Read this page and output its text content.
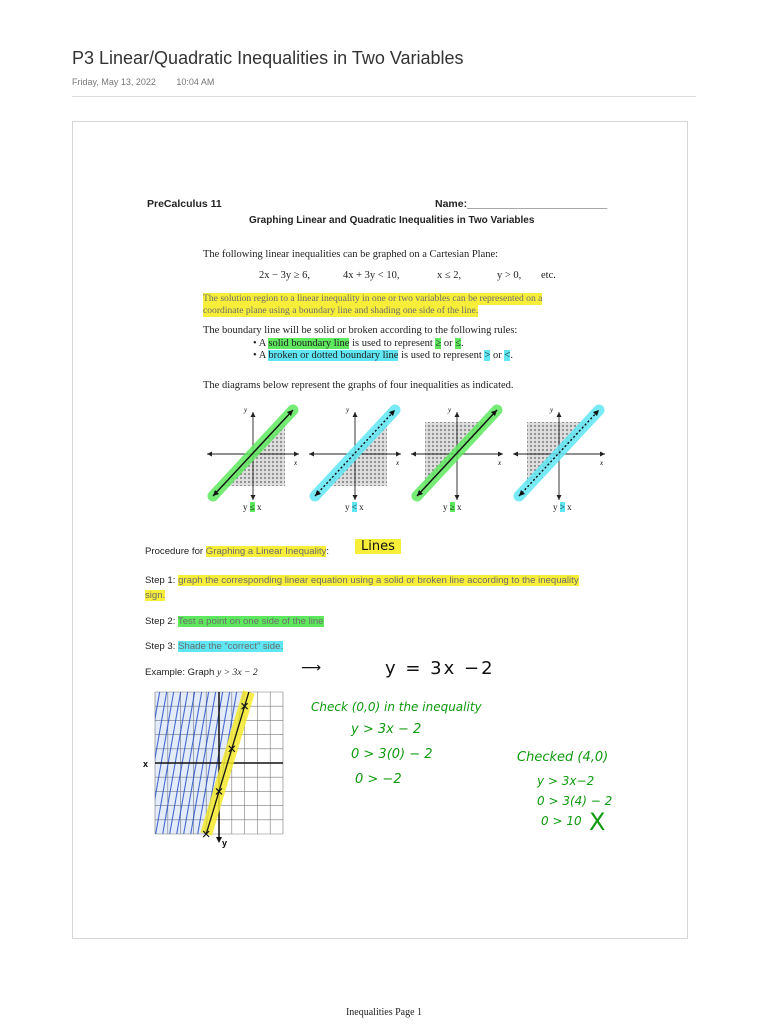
P3 Linear/Quadratic Inequalities in Two Variables
Friday, May 13, 2022 10:04 AM
PreCalculus 11	Name:________________________
Graphing Linear and Quadratic Inequalities in Two Variables
The following linear inequalities can be graphed on a Cartesian Plane:
2x − 3y ≥ 6,	4x + 3y < 10,	x ≤ 2,	y > 0, etc.
The solution region to a linear inequality in one or two variables can be represented on a
coordinate plane using a boundary line and shading one side of the line.
The boundary line will be solid or broken according to the following rules:
• A solid boundary line is used to represent ≥ or ≤.
• A broken or dotted boundary line is used to represent > or <.
The diagrams below represent the graphs of four inequalities as indicated.
y
x
y
x
y
x
y
x
y ≤ x	y < x	y ≥ x	y > x
Procedure for Graphing a Linear Inequality:	Lines
Step 1: graph the corresponding linear equation using a solid or broken line according to the inequality
sign.
Step 2: Test a point on one side of the line
Step 3: Shade the “correct” side.
Example: Graph y > 3x − 2	⟶	y = 3x −2
Check (0,0) in the inequality
y > 3x − 2
0 > 3(0) − 2
0 > −2
Checked (4,0)
y > 3x−2
0 > 3(4) − 2
0 > 10 X
x
y
Inequalities Page 1
